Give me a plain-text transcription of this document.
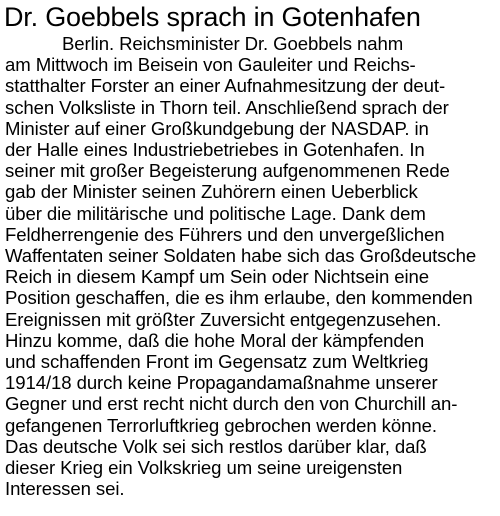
Dr. Goebbels sprach in Gotenhafen

Berlin. Reichsminister Dr. Goebbels nahm
am Mittwoch im Beisein von Gauleiter und Reichs-
statthalter Forster an einer Aufnahmesitzung der deut-
schen Volksliste in Thorn teil. Anschließend sprach der
Minister auf einer Großkundgebung der NASDAP. in
der Halle eines Industriebetriebes in Gotenhafen. In
seiner mit großer Begeisterung aufgenommenen Rede
gab der Minister seinen Zuhörern einen Ueberblick
über die militärische und politische Lage. Dank dem
Feldherrengenie des Führers und den unvergeßlichen
Waffentaten seiner Soldaten habe sich das Großdeutsche
Reich in diesem Kampf um Sein oder Nichtsein eine
Position geschaffen, die es ihm erlaube, den kommenden
Ereignissen mit größter Zuversicht entgegenzusehen.
Hinzu komme, daß die hohe Moral der kämpfenden
und schaffenden Front im Gegensatz zum Weltkrieg
1914/18 durch keine Propagandamaßnahme unserer
Gegner und erst recht nicht durch den von Churchill an-
gefangenen Terrorluftkrieg gebrochen werden könne.
Das deutsche Volk sei sich restlos darüber klar, daß
dieser Krieg ein Volkskrieg um seine ureigensten
Interessen sei.
